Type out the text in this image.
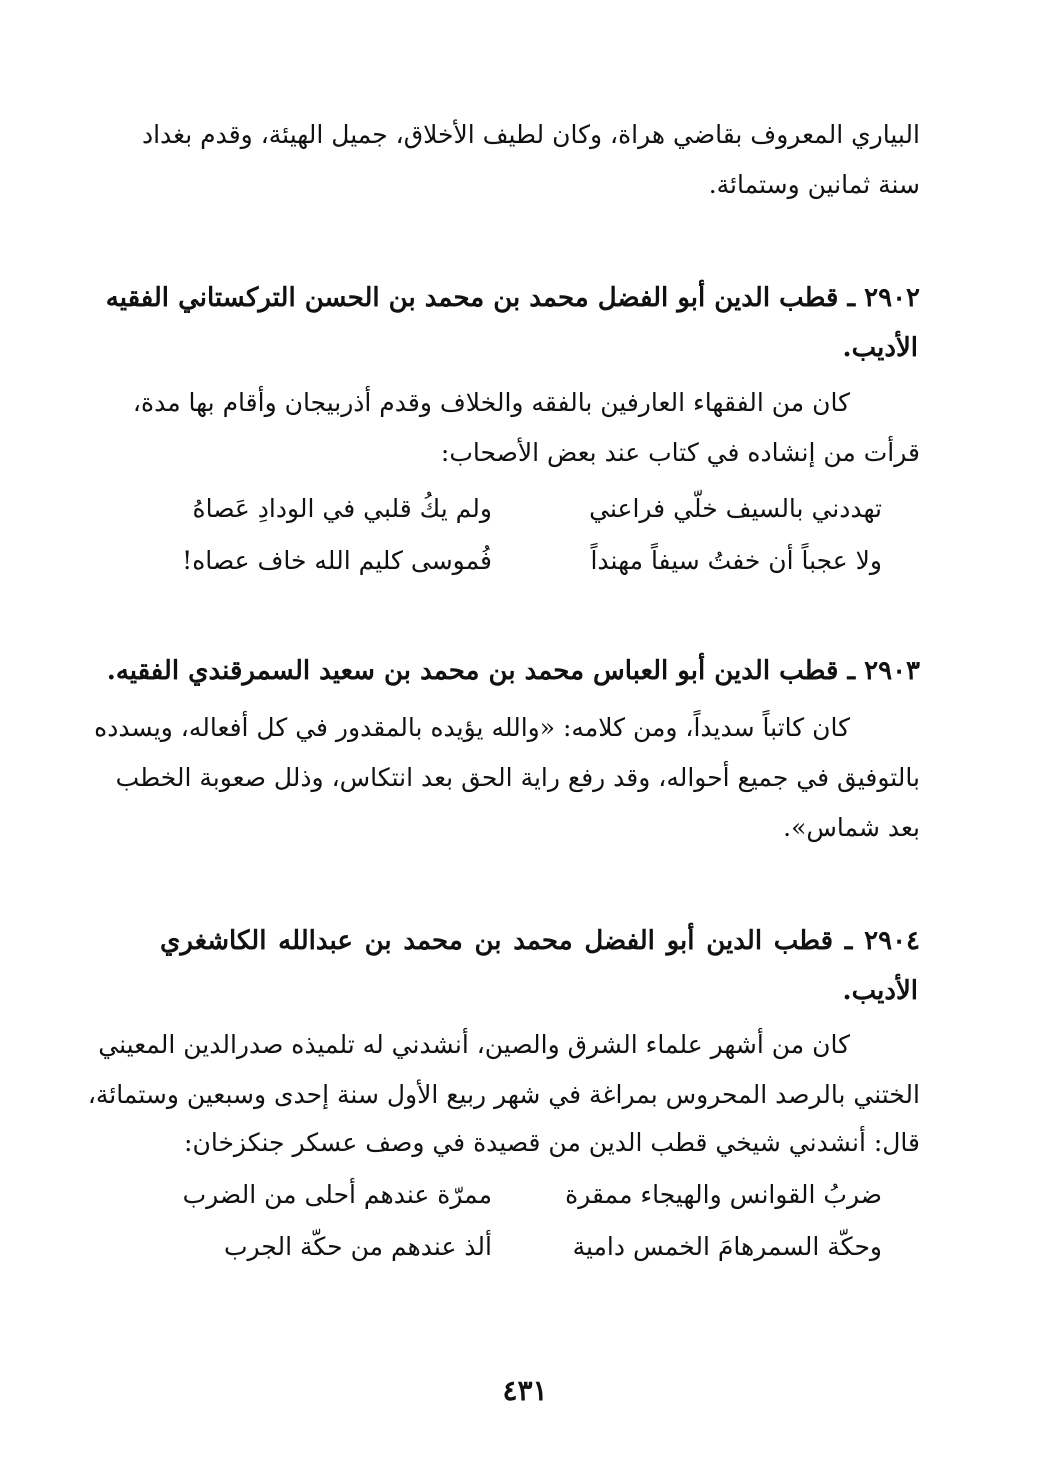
البياري المعروف بقاضي هراة، وكان لطيف الأخلاق، جميل الهيئة، وقدم بغداد
سنة ثمانين وستمائة.
٢٩٠٢ ـ قطب الدين أبو الفضل محمد بن محمد بن الحسن التركستاني الفقيه
الأديب.
كان من الفقهاء العارفين بالفقه والخلاف وقدم أذربيجان وأقام بها مدة،
قرأت من إنشاده في كتاب عند بعض الأصحاب:
تهددني بالسيف خلّي فراعني
ولم يكُ قلبي في الودادِ عَصاهُ
ولا عجباً أن خفتُ سيفاً مهنداً
فُموسى كليم الله خاف عصاه!
٢٩٠٣ ـ قطب الدين أبو العباس محمد بن محمد بن سعيد السمرقندي الفقيه.
كان كاتباً سديداً، ومن كلامه: «والله يؤيده بالمقدور في كل أفعاله، ويسدده
بالتوفيق في جميع أحواله، وقد رفع راية الحق بعد انتكاس، وذلل صعوبة الخطب
بعد شماس».
٢٩٠٤ ـ قطب الدين أبو الفضل محمد بن محمد بن عبدالله الكاشغري
الأديب.
كان من أشهر علماء الشرق والصين، أنشدني له تلميذه صدرالدين المعيني
الختني بالرصد المحروس بمراغة في شهر ربيع الأول سنة إحدى وسبعين وستمائة،
قال: أنشدني شيخي قطب الدين من قصيدة في وصف عسكر جنكزخان:
ضربُ القوانس والهيجاء ممقرة
ممرّة عندهم أحلى من الضرب
وحكّة السمرهامَ الخمس دامية
ألذ عندهم من حكّة الجرب
٤٣١
